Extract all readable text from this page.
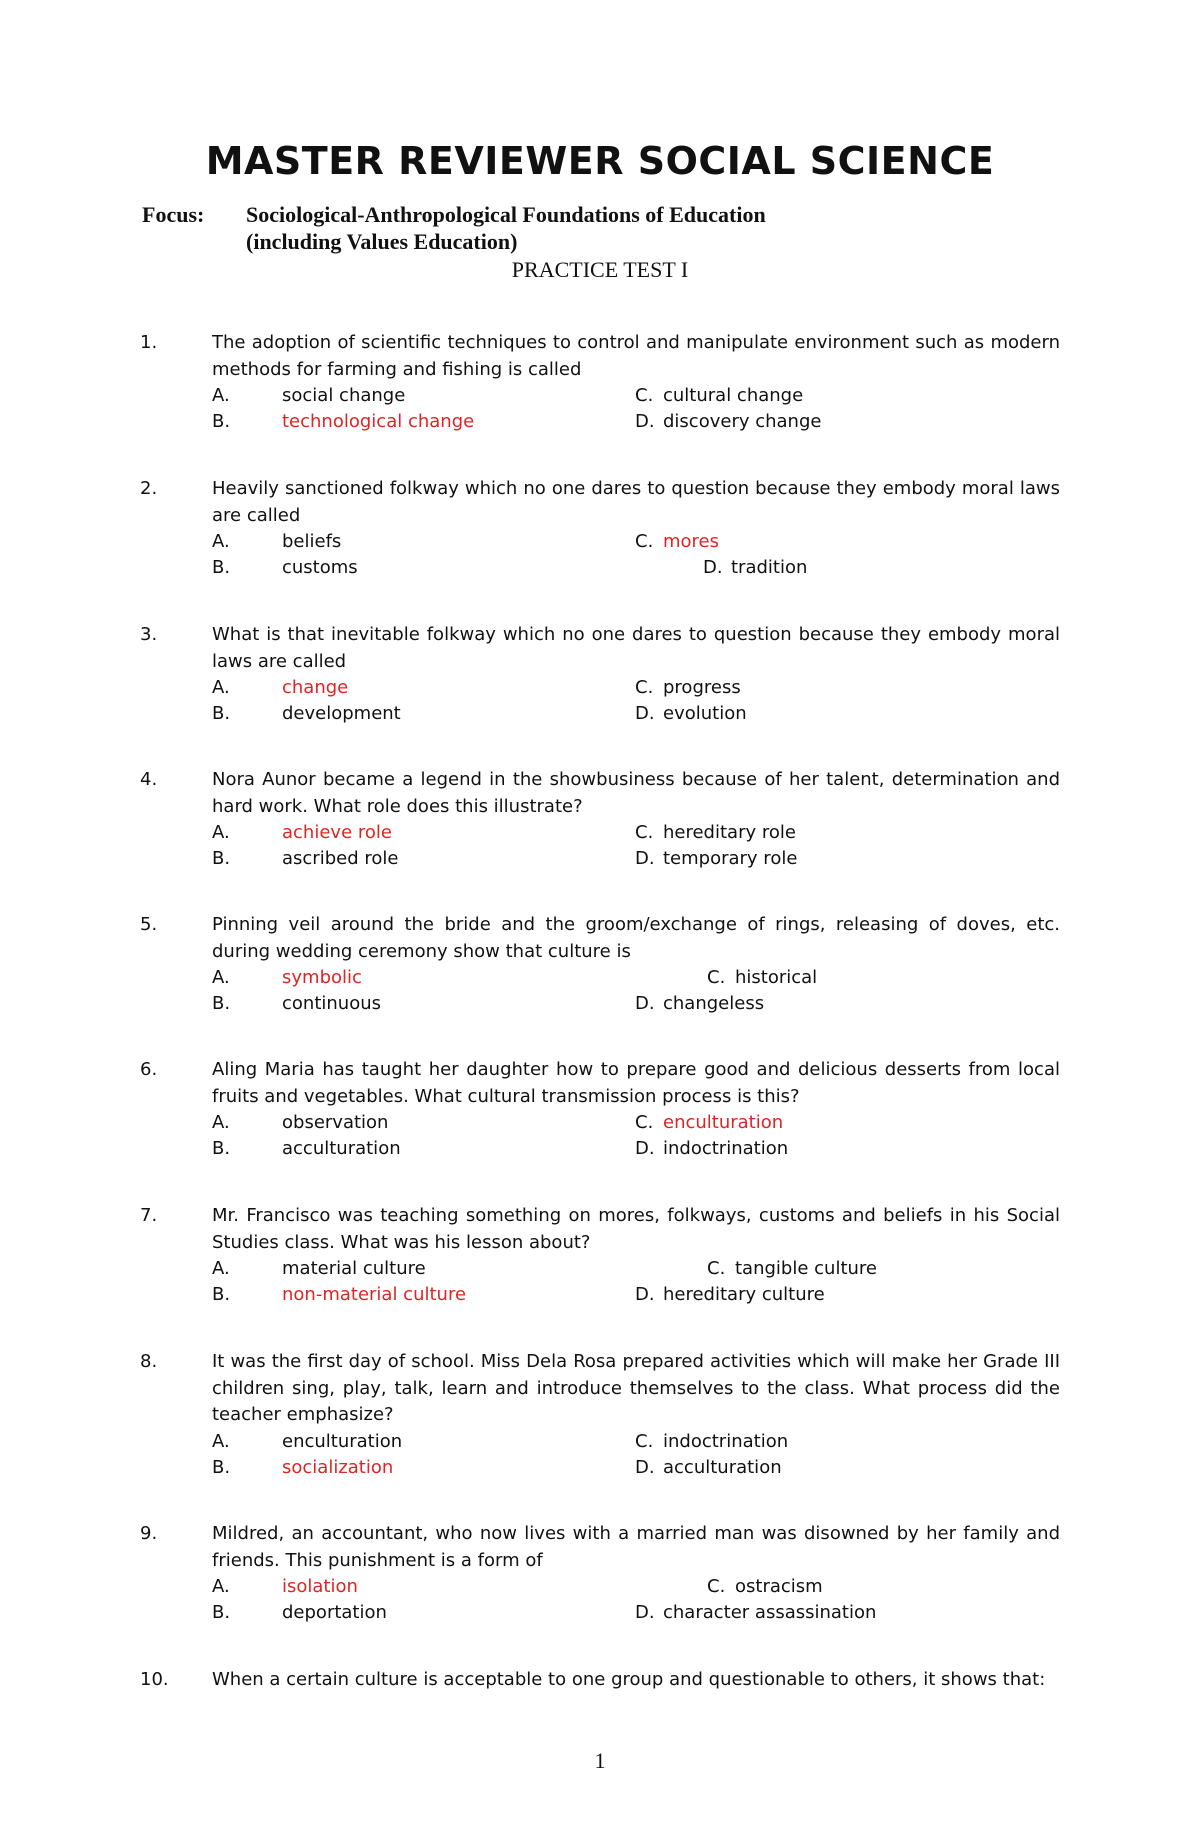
MASTER REVIEWER SOCIAL SCIENCE
Focus: Sociological-Anthropological Foundations of Education
(including Values Education)
PRACTICE TEST I
1.	The adoption of scientific techniques to control and manipulate environment such as modern methods for farming and fishing is called
A.	social change
B.	technological change
C. cultural change
D. discovery change
2.	Heavily sanctioned folkway which no one dares to question because they embody moral laws are called
A.	beliefs
B.	customs
C. mores
D. tradition
3.	What is that inevitable folkway which no one dares to question because they embody moral laws are called
A.	change
B.	development
C. progress
D. evolution
4.	Nora Aunor became a legend in the showbusiness because of her talent, determination and hard work. What role does this illustrate?
A.	achieve role
B.	ascribed role
C. hereditary role
D. temporary role
5.	Pinning veil around the bride and the groom/exchange of rings, releasing of doves, etc. during wedding ceremony show that culture is
A.	symbolic
B.	continuous
C. historical
D. changeless
6.	Aling Maria has taught her daughter how to prepare good and delicious desserts from local fruits and vegetables. What cultural transmission process is this?
A.	observation
B.	acculturation
C. enculturation
D. indoctrination
7.	Mr. Francisco was teaching something on mores, folkways, customs and beliefs in his Social Studies class. What was his lesson about?
A.	material culture
B.	non-material culture
C. tangible culture
D. hereditary culture
8.	It was the first day of school. Miss Dela Rosa prepared activities which will make her Grade III children sing, play, talk, learn and introduce themselves to the class. What process did the teacher emphasize?
A.	enculturation
B.	socialization
C. indoctrination
D. acculturation
9.	Mildred, an accountant, who now lives with a married man was disowned by her family and friends. This punishment is a form of
A.	isolation
B.	deportation
C. ostracism
D. character assassination
10. When a certain culture is acceptable to one group and questionable to others, it shows that:
1
